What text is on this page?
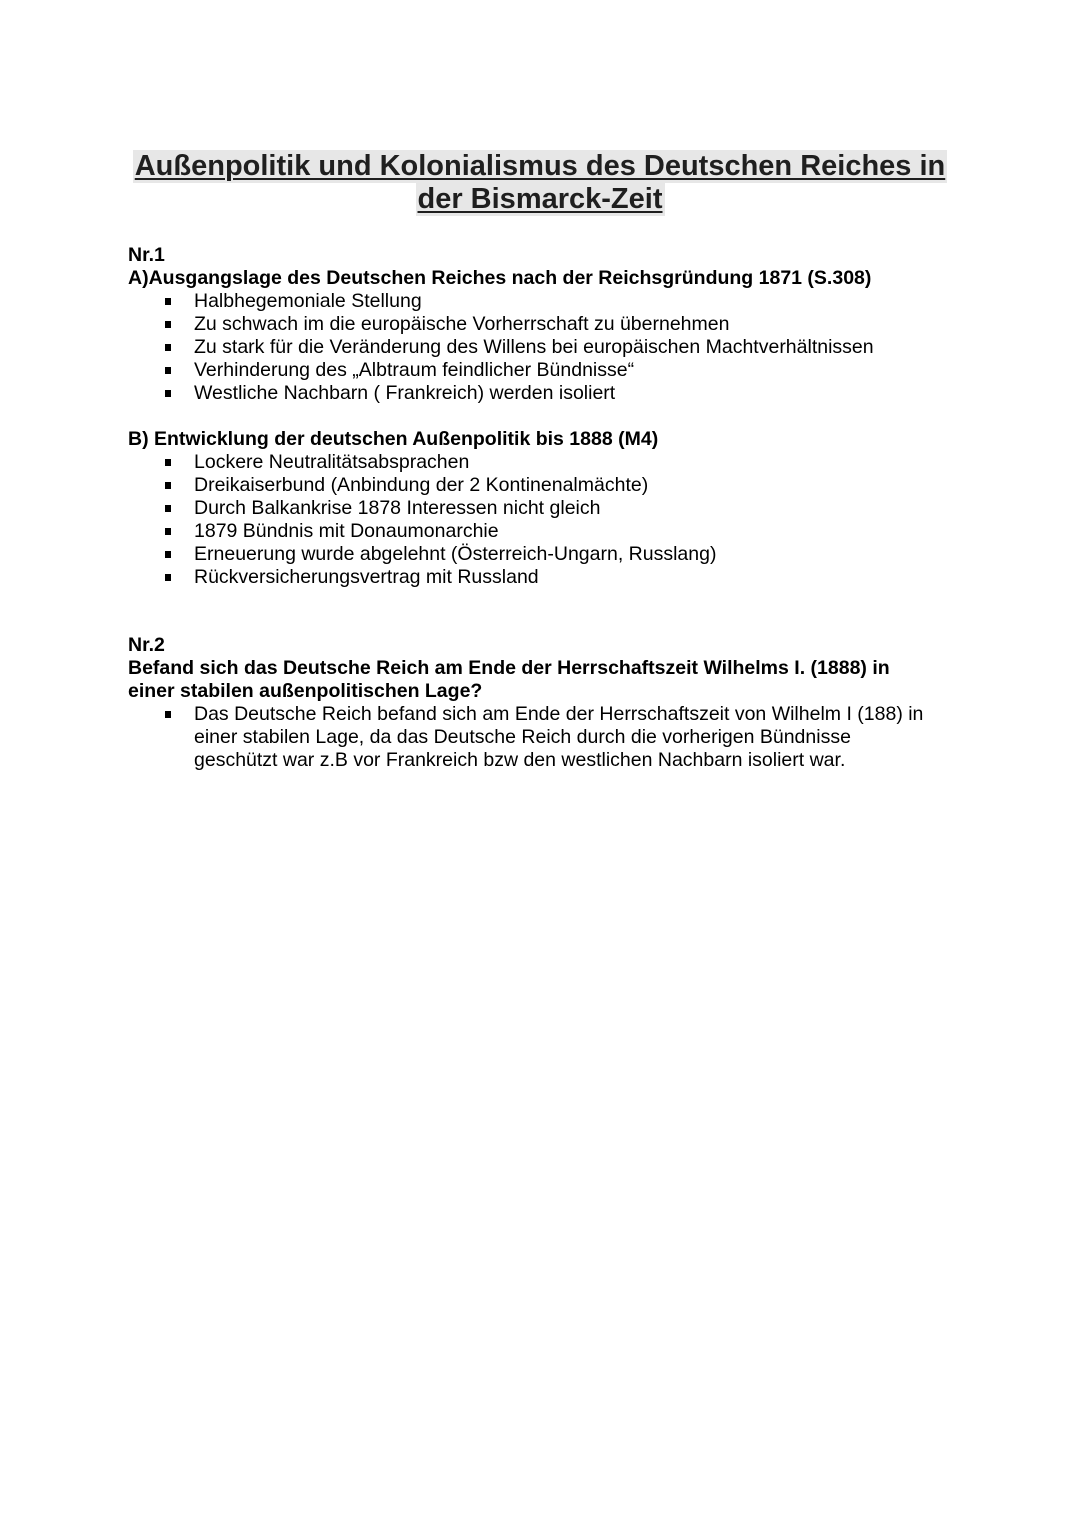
Außenpolitik und Kolonialismus des Deutschen Reiches in
der Bismarck-Zeit

Nr.1

A)Ausgangslage des Deutschen Reiches nach der Reichsgründung 1871 (S.308)

Halbhegemoniale Stellung
Zu schwach im die europäische Vorherrschaft zu übernehmen
Zu stark für die Veränderung des Willens bei europäischen Machtverhältnissen
Verhinderung des „Albtraum feindlicher Bündnisse“
Westliche Nachbarn ( Frankreich) werden isoliert

B) Entwicklung der deutschen Außenpolitik bis 1888 (M4)

Lockere Neutralitätsabsprachen
Dreikaiserbund (Anbindung der 2 Kontinenalmächte)
Durch Balkankrise 1878 Interessen nicht gleich
1879 Bündnis mit Donaumonarchie
Erneuerung wurde abgelehnt (Österreich-Ungarn, Russlang)
Rückversicherungsvertrag mit Russland

Nr.2

Befand sich das Deutsche Reich am Ende der Herrschaftszeit Wilhelms I. (1888) in

einer stabilen außenpolitischen Lage?

Das Deutsche Reich befand sich am Ende der Herrschaftszeit von Wilhelm I (188) in
einer stabilen Lage, da das Deutsche Reich durch die vorherigen Bündnisse
geschützt war z.B vor Frankreich bzw den westlichen Nachbarn isoliert war.
